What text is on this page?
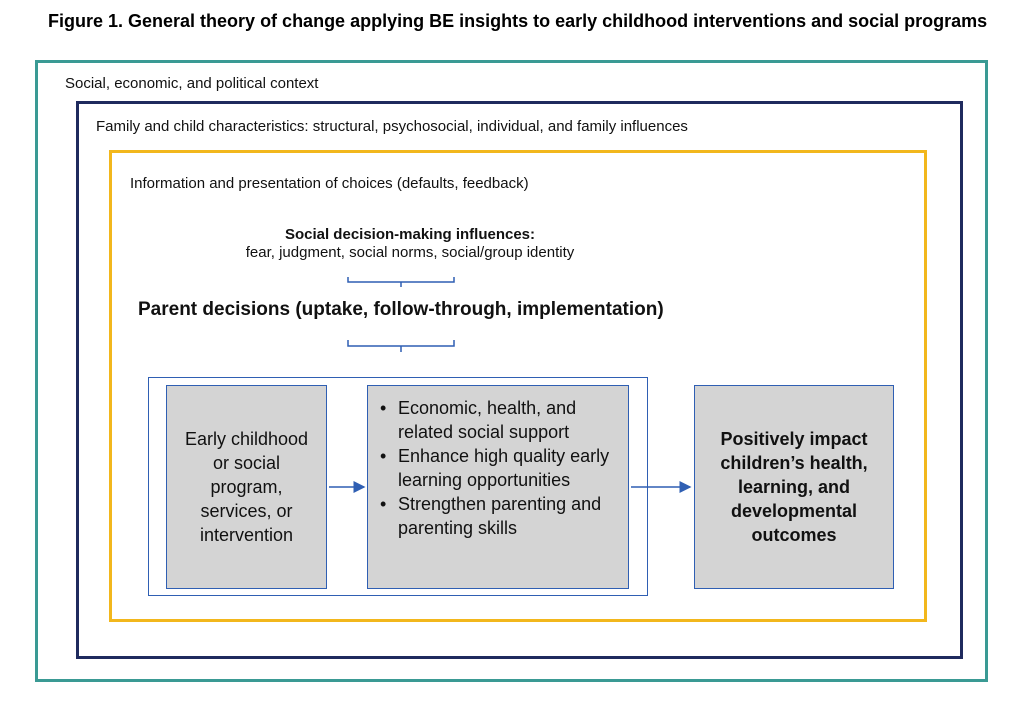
Figure 1. General theory of change applying BE insights to early childhood interventions and social programs
Social, economic, and political context
Family and child characteristics: structural, psychosocial, individual, and family influences
Information and presentation of choices (defaults, feedback)
Social decision-making influences:
fear, judgment, social norms, social/group identity
Parent decisions (uptake, follow-through, implementation)
Early childhood or social program, services, or intervention
• Economic, health, and related social support
• Enhance high quality early learning opportunities
• Strengthen parenting and parenting skills
Positively impact children’s health, learning, and developmental outcomes
